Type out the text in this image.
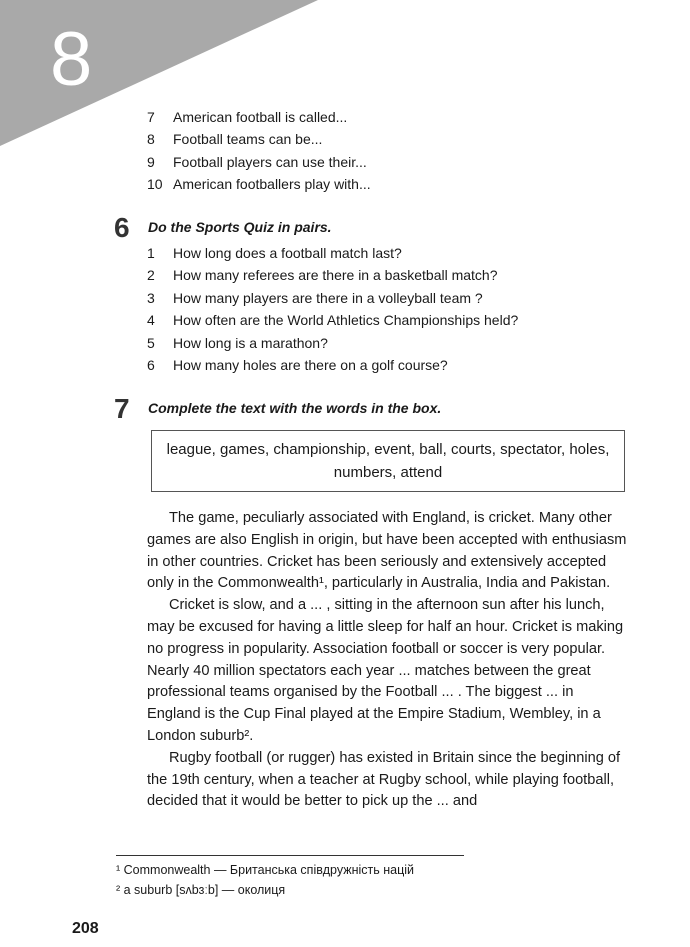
8
7 American football is called...
8 Football teams can be...
9 Football players can use their...
10 American footballers play with...
6 Do the Sports Quiz in pairs.
1 How long does a football match last?
2 How many referees are there in a basketball match?
3 How many players are there in a volleyball team ?
4 How often are the World Athletics Championships held?
5 How long is a marathon?
6 How many holes are there on a golf course?
7 Complete the text with the words in the box.
league, games, championship, event, ball, courts, spectator, holes, numbers, attend

The game, peculiarly associated with England, is cricket. Many other games are also English in origin, but have been accepted with enthusiasm in other countries. Cricket has been seriously and extensively accepted only in the Commonwealth¹, particularly in Australia, India and Pakistan.

Cricket is slow, and a ... , sitting in the afternoon sun after his lunch, may be excused for having a little sleep for half an hour. Cricket is making no progress in popularity. Association football or soccer is very popular. Nearly 40 million spectators each year ... matches between the great professional teams organised by the Football ... . The biggest ... in England is the Cup Final played at the Empire Stadium, Wembley, in a London suburb².

Rugby football (or rugger) has existed in Britain since the beginning of the 19th century, when a teacher at Rugby school, while playing football, decided that it would be better to pick up the ... and

¹ Commonwealth — Британська співдружність націй
² a suburb [sʌbɜːb] — околиця
208
